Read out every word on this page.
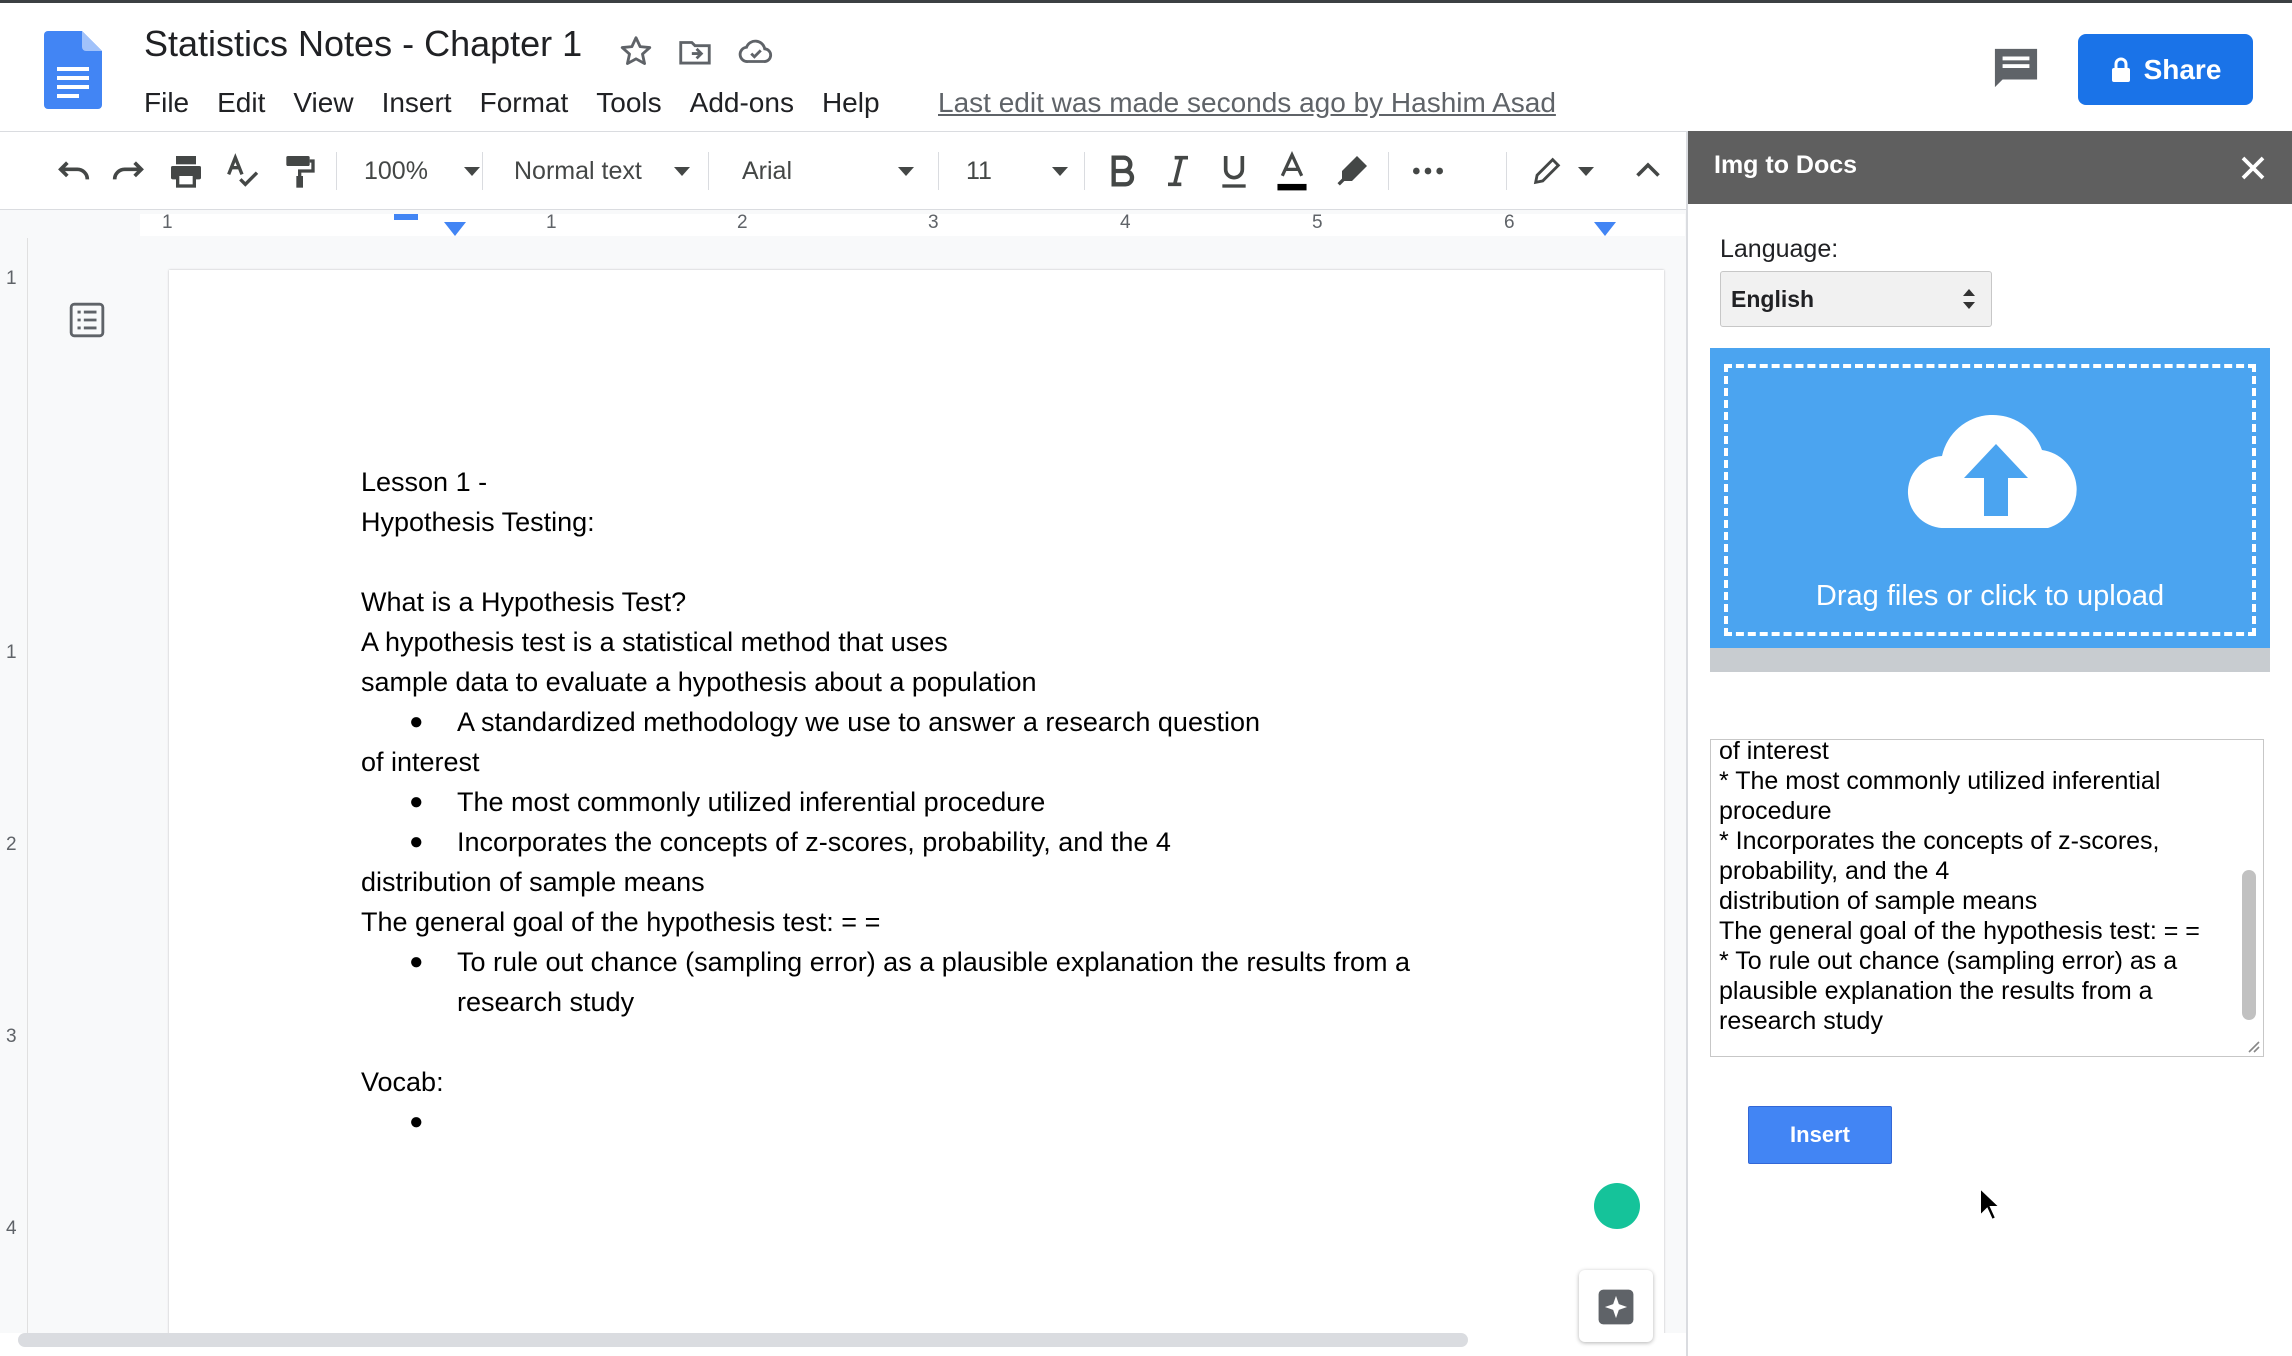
Statistics Notes - Chapter 1
File Edit View Insert Format Tools Add-ons Help Last edit was made seconds ago by Hashim Asad
Share
100%	Normal text	Arial	11
1	1	2	3	4	5	6
1
1
2
3
4
Lesson 1 -
Hypothesis Testing:
What is a Hypothesis Test?
A hypothesis test is a statistical method that uses
sample data to evaluate a hypothesis about a population
● A standardized methodology we use to answer a research question
of interest
● The most commonly utilized inferential procedure
● Incorporates the concepts of z-scores, probability, and the 4
distribution of sample means
The general goal of the hypothesis test: = =
● To rule out chance (sampling error) as a plausible explanation the results from a
research study
Vocab:
●
Img to Docs
Language:
English
Drag files or click to upload
of interest
* The most commonly utilized inferential procedure
* Incorporates the concepts of z-scores, probability, and the 4
distribution of sample means
The general goal of the hypothesis test: = =
* To rule out chance (sampling error) as a plausible explanation the results from a research study
Insert
